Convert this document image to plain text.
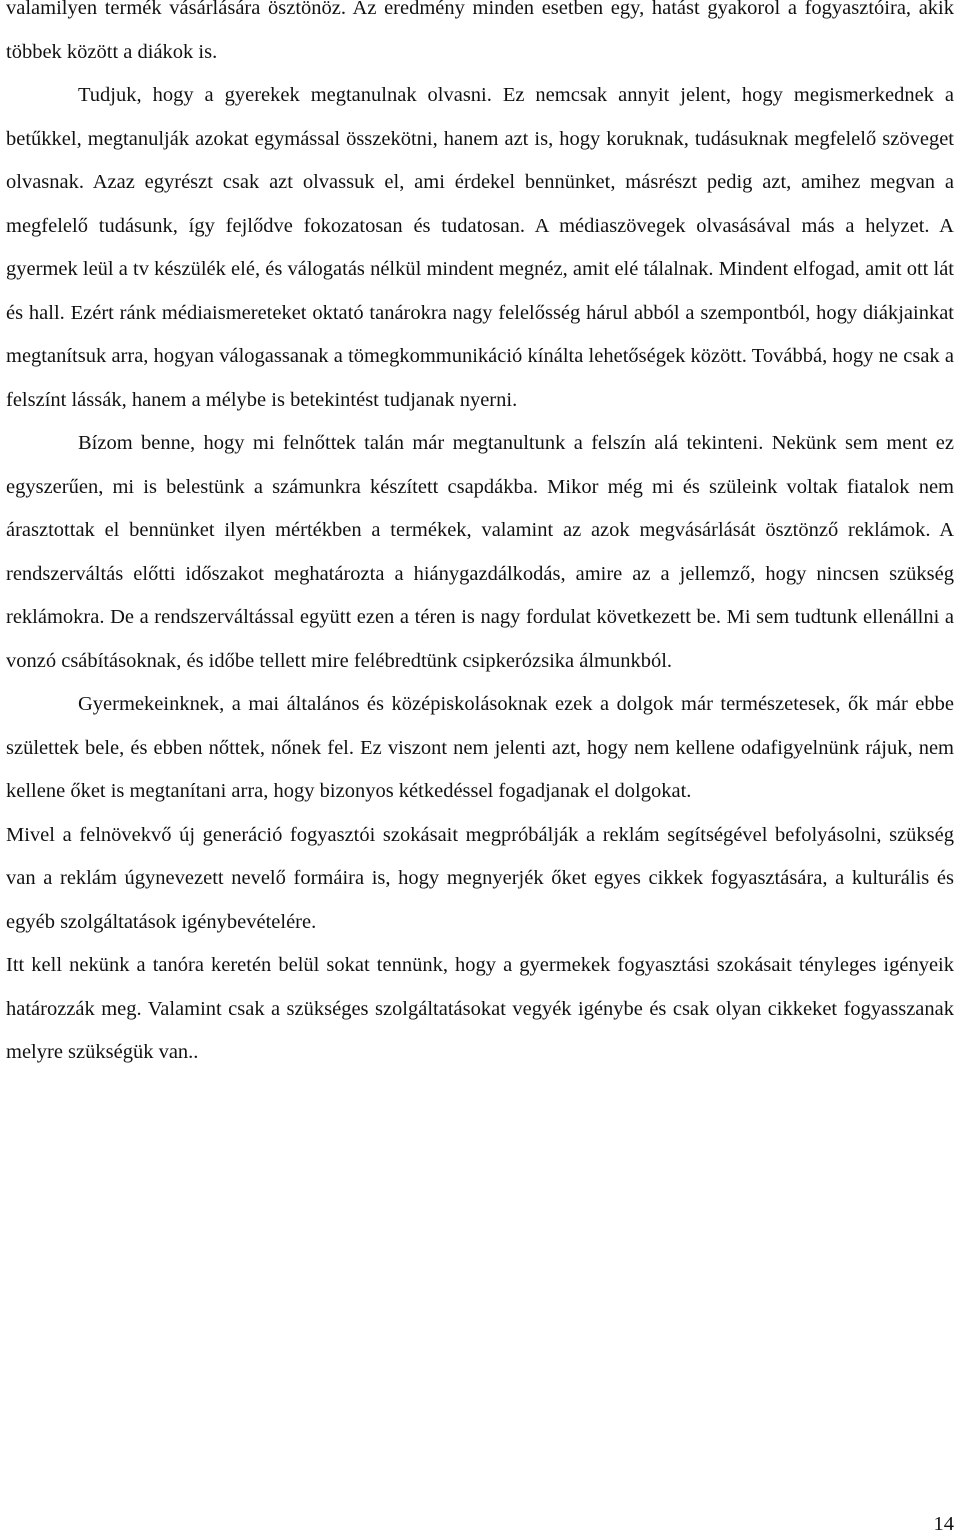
valamilyen termék vásárlására ösztönöz. Az eredmény minden esetben egy, hatást gyakorol a fogyasztóira, akik többek között a diákok is.

Tudjuk, hogy a gyerekek megtanulnak olvasni. Ez nemcsak annyit jelent, hogy megismerkednek a betűkkel, megtanulják azokat egymással összekötni, hanem azt is, hogy koruknak, tudásuknak megfelelő szöveget olvasnak. Azaz egyrészt csak azt olvassuk el, ami érdekel bennünket, másrészt pedig azt, amihez megvan a megfelelő tudásunk, így fejlődve fokozatosan és tudatosan. A médiaszövegek olvasásával más a helyzet. A gyermek leül a tv készülék elé, és válogatás nélkül mindent megnéz, amit elé tálalnak. Mindent elfogad, amit ott lát és hall. Ezért ránk médiaismereteket oktató tanárokra nagy felelősség hárul abból a szempontból, hogy diákjainkat megtanítsuk arra, hogyan válogassanak a tömegkommunikáció kínálta lehetőségek között. Továbbá, hogy ne csak a felszínt lássák, hanem a mélybe is betekintést tudjanak nyerni.

Bízom benne, hogy mi felnőttek talán már megtanultunk a felszín alá tekinteni. Nekünk sem ment ez egyszerűen, mi is belestünk a számunkra készített csapdákba. Mikor még mi és szüleink voltak fiatalok nem árasztottak el bennünket ilyen mértékben a termékek, valamint az azok megvásárlását ösztönző reklámok. A rendszerváltás előtti időszakot meghatározta a hiánygazdálkodás, amire az a jellemző, hogy nincsen szükség reklámokra. De a rendszerváltással együtt ezen a téren is nagy fordulat következett be. Mi sem tudtunk ellenállni a vonzó csábításoknak, és időbe tellett mire felébredtünk csipkerózsika álmunkból.

Gyermekeinknek, a mai általános és középiskolásoknak ezek a dolgok már természetesek, ők már ebbe születtek bele, és ebben nőttek, nőnek fel. Ez viszont nem jelenti azt, hogy nem kellene odafigyelnünk rájuk, nem kellene őket is megtanítani arra, hogy bizonyos kétkedéssel fogadjanak el dolgokat.

Mivel a felnövekvő új generáció fogyasztói szokásait megpróbálják a reklám segítségével befolyásolni, szükség van a reklám úgynevezett nevelő formáira is, hogy megnyerjék őket egyes cikkek fogyasztására, a kulturális és egyéb szolgáltatások igénybevételére.

Itt kell nekünk a tanóra keretén belül sokat tennünk, hogy a gyermekek fogyasztási szokásait tényleges igényeik határozzák meg. Valamint csak a szükséges szolgáltatásokat vegyék igénybe és csak olyan cikkeket fogyasszanak melyre szükségük van..

14
